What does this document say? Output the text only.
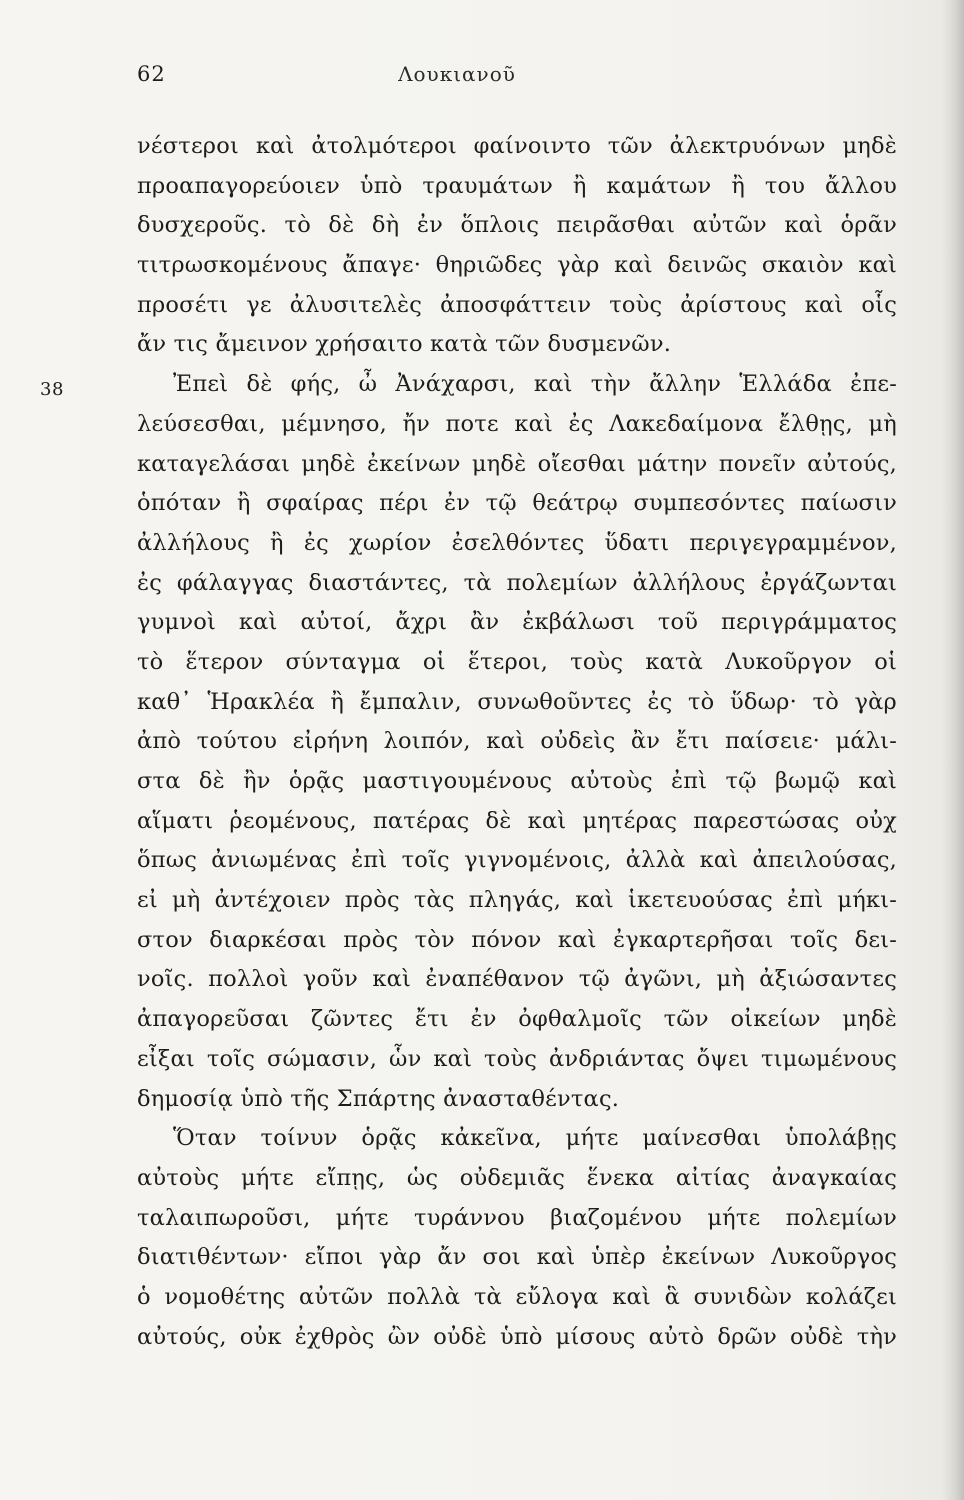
62	Λουκιανοῦ
38
νέστεροι καὶ ἀτολμότεροι φαίνοιντο τῶν ἀλεκτρυόνων μηδὲ
προαπαγορεύοιεν ὑπὸ τραυμάτων ἢ καμάτων ἢ του ἄλλου
δυσχεροῦς. τὸ δὲ δὴ ἐν ὅπλοις πειρᾶσθαι αὐτῶν καὶ ὁρᾶν
τιτρωσκομένους ἄπαγε· θηριῶδες γὰρ καὶ δεινῶς σκαιὸν καὶ
προσέτι γε ἀλυσιτελὲς ἀποσφάττειν τοὺς ἀρίστους καὶ οἷς
ἄν τις ἄμεινον χρήσαιτο κατὰ τῶν δυσμενῶν.
Ἐπεὶ δὲ φής, ὦ Ἀνάχαρσι, καὶ τὴν ἄλλην Ἑλλάδα ἐπε-
λεύσεσθαι, μέμνησο, ἤν ποτε καὶ ἐς Λακεδαίμονα ἔλθῃς, μὴ
καταγελάσαι μηδὲ ἐκείνων μηδὲ οἴεσθαι μάτην πονεῖν αὐτούς,
ὁπόταν ἢ σφαίρας πέρι ἐν τῷ θεάτρῳ συμπεσόντες παίωσιν
ἀλλήλους ἢ ἐς χωρίον ἐσελθόντες ὕδατι περιγεγραμμένον,
ἐς φάλαγγας διαστάντες, τὰ πολεμίων ἀλλήλους ἐργάζωνται
γυμνοὶ καὶ αὐτοί, ἄχρι ἂν ἐκβάλωσι τοῦ περιγράμματος
τὸ ἕτερον σύνταγμα οἱ ἕτεροι, τοὺς κατὰ Λυκοῦργον οἱ
καθ᾽ Ἡρακλέα ἢ ἔμπαλιν, συνωθοῦντες ἐς τὸ ὕδωρ· τὸ γὰρ
ἀπὸ τούτου εἰρήνη λοιπόν, καὶ οὐδεὶς ἂν ἔτι παίσειε· μάλι-
στα δὲ ἢν ὁρᾷς μαστιγουμένους αὐτοὺς ἐπὶ τῷ βωμῷ καὶ
αἵματι ῥεομένους, πατέρας δὲ καὶ μητέρας παρεστώσας οὐχ
ὅπως ἀνιωμένας ἐπὶ τοῖς γιγνομένοις, ἀλλὰ καὶ ἀπειλούσας,
εἰ μὴ ἀντέχοιεν πρὸς τὰς πληγάς, καὶ ἱκετευούσας ἐπὶ μήκι-
στον διαρκέσαι πρὸς τὸν πόνον καὶ ἐγκαρτερῆσαι τοῖς δει-
νοῖς. πολλοὶ γοῦν καὶ ἐναπέθανον τῷ ἀγῶνι, μὴ ἀξιώσαντες
ἀπαγορεῦσαι ζῶντες ἔτι ἐν ὀφθαλμοῖς τῶν οἰκείων μηδὲ
εἶξαι τοῖς σώμασιν, ὧν καὶ τοὺς ἀνδριάντας ὄψει τιμωμένους
δημοσίᾳ ὑπὸ τῆς Σπάρτης ἀνασταθέντας.
Ὅταν τοίνυν ὁρᾷς κἀκεῖνα, μήτε μαίνεσθαι ὑπολάβῃς
αὐτοὺς μήτε εἴπῃς, ὡς οὐδεμιᾶς ἕνεκα αἰτίας ἀναγκαίας
ταλαιπωροῦσι, μήτε τυράννου βιαζομένου μήτε πολεμίων
διατιθέντων· εἴποι γὰρ ἄν σοι καὶ ὑπὲρ ἐκείνων Λυκοῦργος
ὁ νομοθέτης αὐτῶν πολλὰ τὰ εὔλογα καὶ ἃ συνιδὼν κολάζει
αὐτούς, οὐκ ἐχθρὸς ὢν οὐδὲ ὑπὸ μίσους αὐτὸ δρῶν οὐδὲ τὴν
